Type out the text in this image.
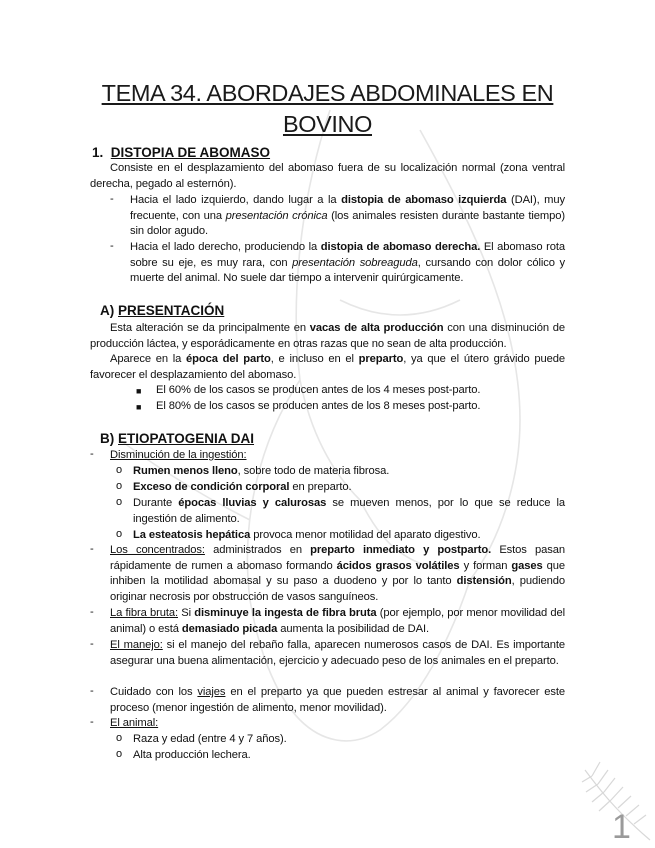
TEMA 34. ABORDAJES ABDOMINALES EN
BOVINO
1. DISTOPIA DE ABOMASO
Consiste en el desplazamiento del abomaso fuera de su localización normal (zona ventral derecha, pegado al esternón).
- Hacia el lado izquierdo, dando lugar a la distopia de abomaso izquierda (DAI), muy frecuente, con una presentación crónica (los animales resisten durante bastante tiempo) sin dolor agudo.
- Hacia el lado derecho, produciendo la distopia de abomaso derecha. El abomaso rota sobre su eje, es muy rara, con presentación sobreaguda, cursando con dolor cólico y muerte del animal. No suele dar tiempo a intervenir quirúrgicamente.
A) PRESENTACIÓN
Esta alteración se da principalmente en vacas de alta producción con una disminución de producción láctea, y esporádicamente en otras razas que no sean de alta producción.
Aparece en la época del parto, e incluso en el preparto, ya que el útero grávido puede favorecer el desplazamiento del abomaso.
■ El 60% de los casos se producen antes de los 4 meses post-parto.
■ El 80% de los casos se producen antes de los 8 meses post-parto.
B) ETIOPATOGENIA DAI
- Disminución de la ingestión:
o Rumen menos lleno, sobre todo de materia fibrosa.
o Exceso de condición corporal en preparto.
o Durante épocas lluvias y calurosas se mueven menos, por lo que se reduce la ingestión de alimento.
o La esteatosis hepática provoca menor motilidad del aparato digestivo.
- Los concentrados: administrados en preparto inmediato y postparto. Estos pasan rápidamente de rumen a abomaso formando ácidos grasos volátiles y forman gases que inhiben la motilidad abomasal y su paso a duodeno y por lo tanto distensión, pudiendo originar necrosis por obstrucción de vasos sanguíneos.
- La fibra bruta: Si disminuye la ingesta de fibra bruta (por ejemplo, por menor movilidad del animal) o está demasiado picada aumenta la posibilidad de DAI.
- El manejo: si el manejo del rebaño falla, aparecen numerosos casos de DAI. Es importante asegurar una buena alimentación, ejercicio y adecuado peso de los animales en el preparto.
- Cuidado con los viajes en el preparto ya que pueden estresar al animal y favorecer este proceso (menor ingestión de alimento, menor movilidad).
- El animal:
o Raza y edad (entre 4 y 7 años).
o Alta producción lechera.
1
